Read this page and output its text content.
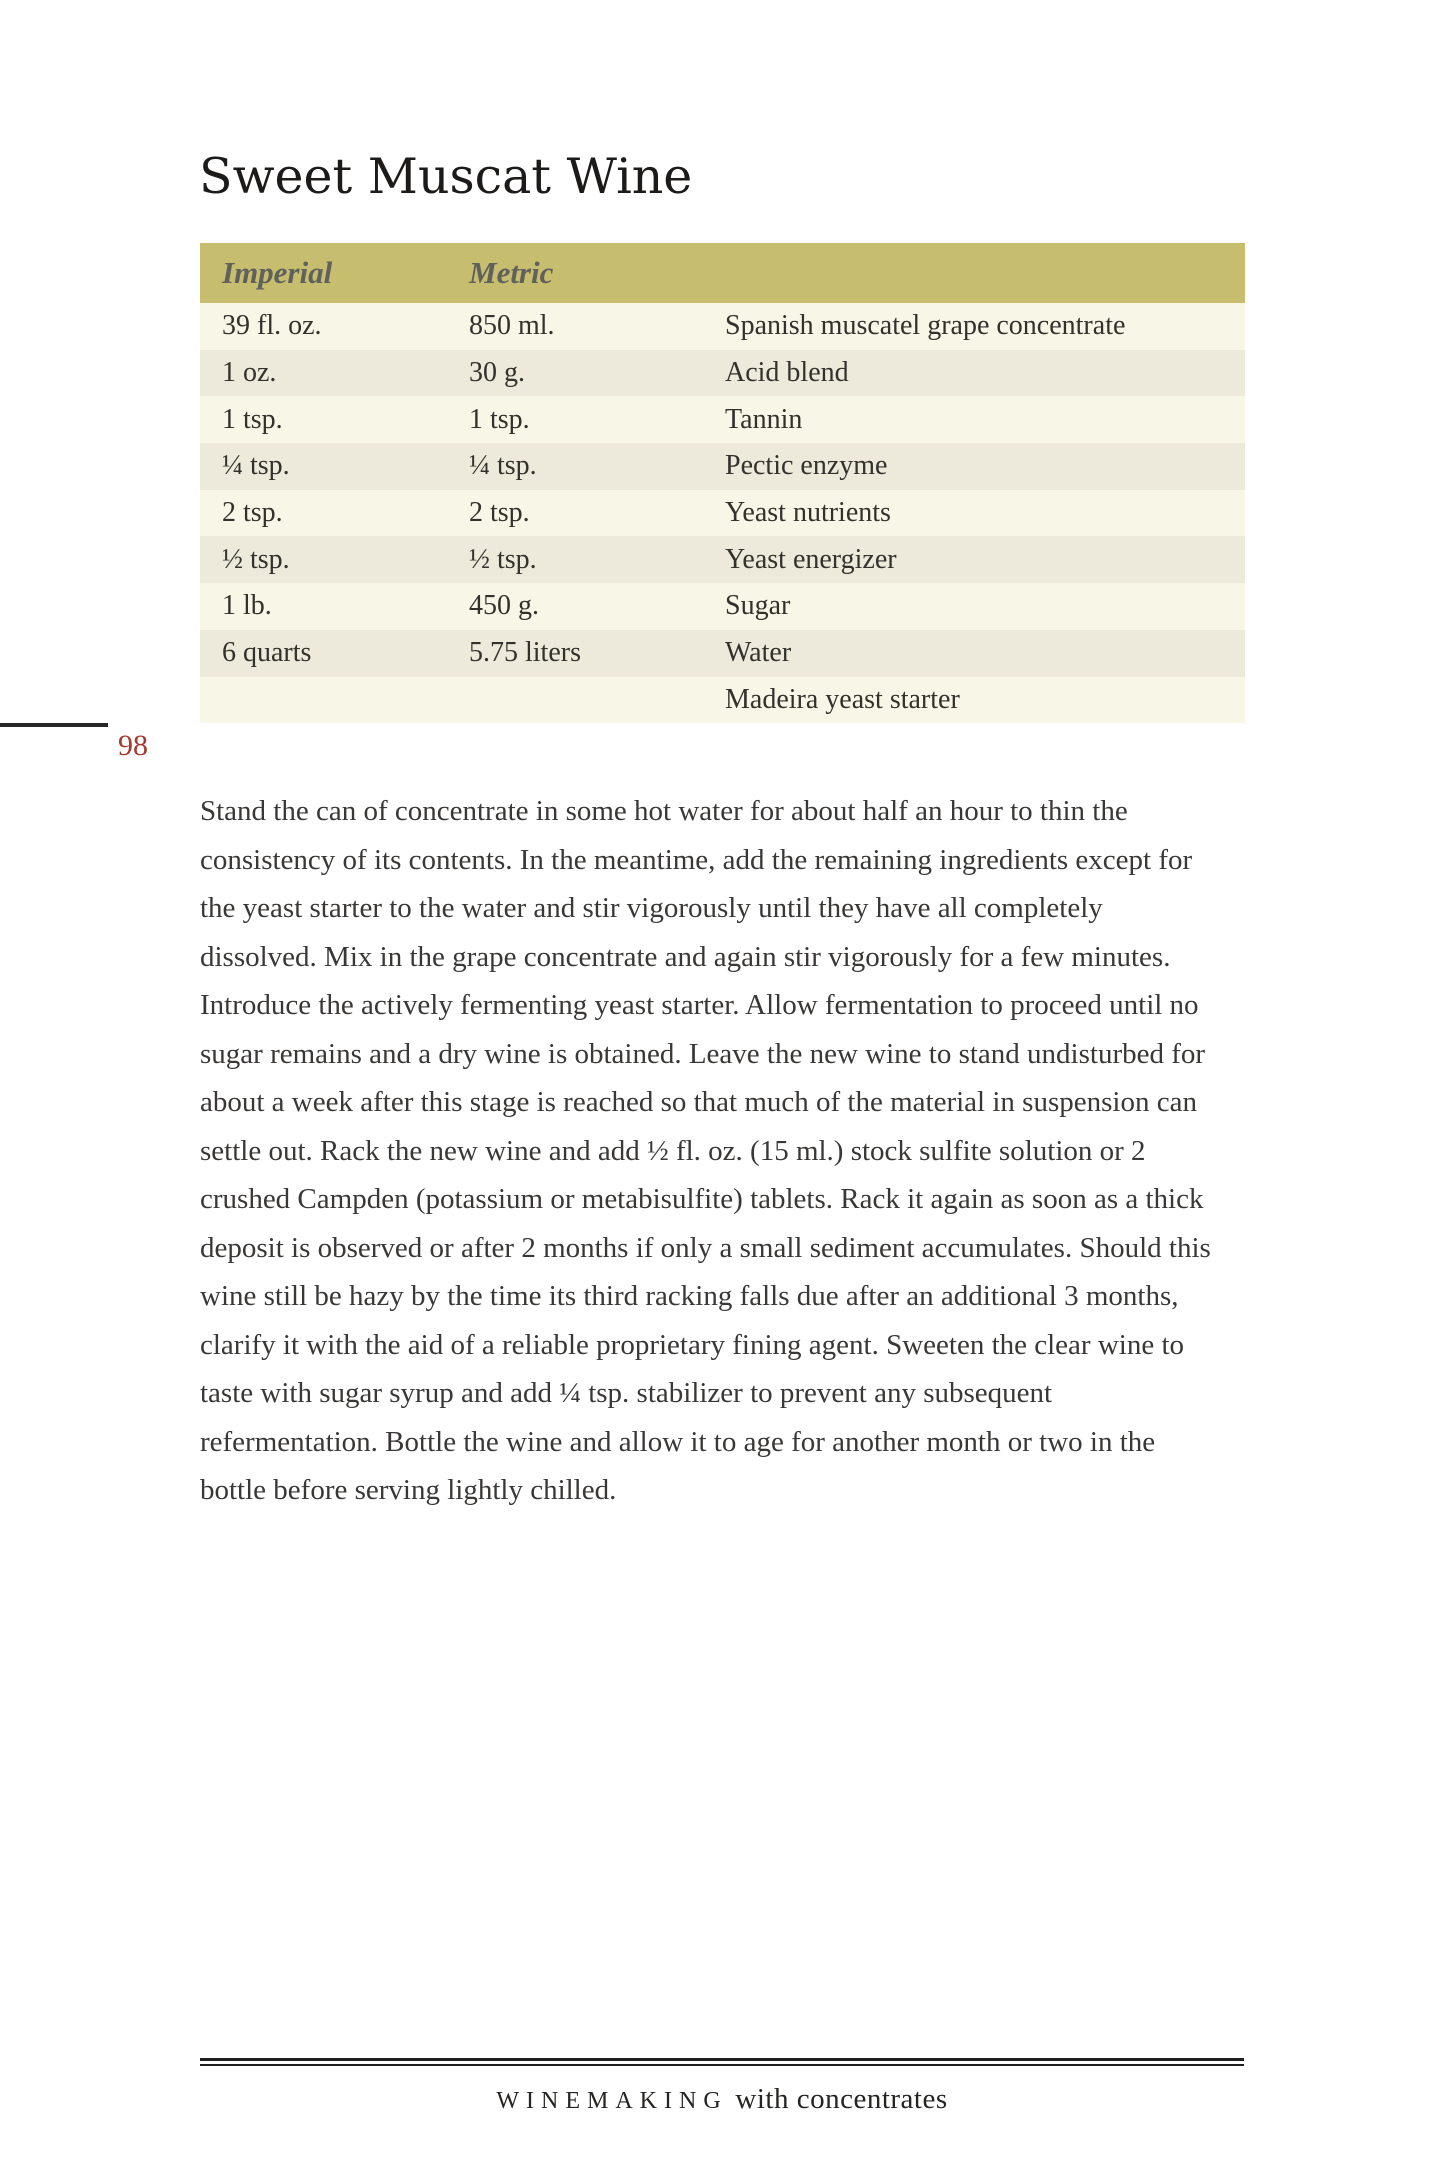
Sweet Muscat Wine
Imperial	Metric	
39 fl. oz.	850 ml.	Spanish muscatel grape concentrate
1 oz.	30 g.	Acid blend
1 tsp.	1 tsp.	Tannin
¼ tsp.	¼ tsp.	Pectic enzyme
2 tsp.	2 tsp.	Yeast nutrients
½ tsp.	½ tsp.	Yeast energizer
1 lb.	450 g.	Sugar
6 quarts	5.75 liters	Water
		Madeira yeast starter
98

Stand the can of concentrate in some hot water for about half an hour to thin the consistency of its contents. In the meantime, add the remaining ingredients except for the yeast starter to the water and stir vigorously until they have all completely dissolved. Mix in the grape concentrate and again stir vigorously for a few minutes. Introduce the actively fermenting yeast starter. Allow fermentation to proceed until no sugar remains and a dry wine is obtained. Leave the new wine to stand undisturbed for about a week after this stage is reached so that much of the material in suspension can settle out. Rack the new wine and add ½ fl. oz. (15 ml.) stock sulfite solution or 2 crushed Campden (potassium or metabisulfite) tablets. Rack it again as soon as a thick deposit is observed or after 2 months if only a small sediment accumulates. Should this wine still be hazy by the time its third racking falls due after an additional 3 months, clarify it with the aid of a reliable proprietary fining agent. Sweeten the clear wine to taste with sugar syrup and add ¼ tsp. stabilizer to prevent any subsequent refermentation. Bottle the wine and allow it to age for another month or two in the bottle before serving lightly chilled.

WINEMAKING with concentrates
